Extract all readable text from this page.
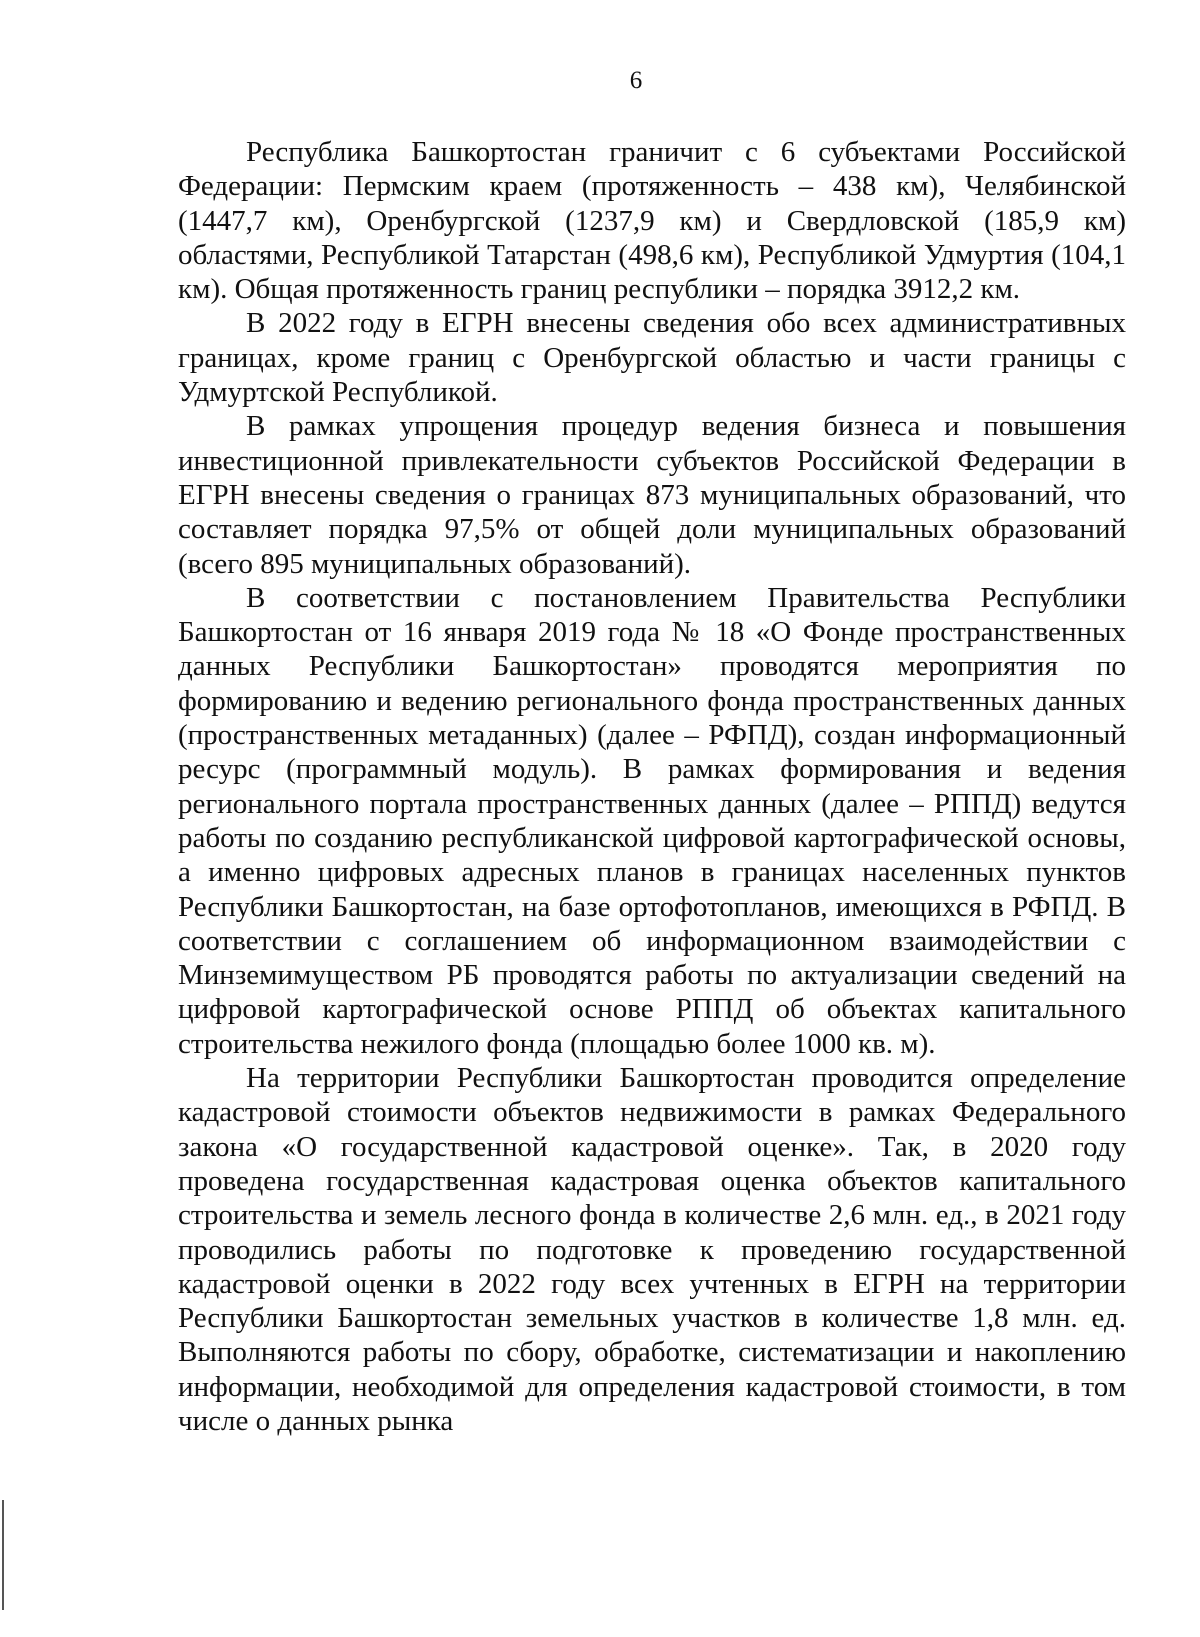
6

Республика Башкортостан граничит с 6 субъектами Российской Федерации: Пермским краем (протяженность – 438 км), Челябинской (1447,7 км), Оренбургской (1237,9 км) и Свердловской (185,9 км) областями, Республикой Татарстан (498,6 км), Республикой Удмуртия (104,1 км). Общая протяженность границ республики – порядка 3912,2 км.

В 2022 году в ЕГРН внесены сведения обо всех административных границах, кроме границ с Оренбургской областью и части границы с Удмуртской Республикой.

В рамках упрощения процедур ведения бизнеса и повышения инвестиционной привлекательности субъектов Российской Федерации в ЕГРН внесены сведения о границах 873 муниципальных образований, что составляет порядка 97,5% от общей доли муниципальных образований (всего 895 муниципальных образований).

В соответствии с постановлением Правительства Республики Башкортостан от 16 января 2019 года № 18 «О Фонде пространственных данных Республики Башкортостан» проводятся мероприятия по формированию и ведению регионального фонда пространственных данных (пространственных метаданных) (далее – РФПД), создан информационный ресурс (программный модуль). В рамках формирования и ведения регионального портала пространственных данных (далее – РППД) ведутся работы по созданию республиканской цифровой картографической основы, а именно цифровых адресных планов в границах населенных пунктов Республики Башкортостан, на базе ортофотопланов, имеющихся в РФПД. В соответствии с соглашением об информационном взаимодействии с Минземимуществом РБ проводятся работы по актуализации сведений на цифровой картографической основе РППД об объектах капитального строительства нежилого фонда (площадью более 1000 кв. м).

На территории Республики Башкортостан проводится определение кадастровой стоимости объектов недвижимости в рамках Федерального закона «О государственной кадастровой оценке». Так, в 2020 году проведена государственная кадастровая оценка объектов капитального строительства и земель лесного фонда в количестве 2,6 млн. ед., в 2021 году проводились работы по подготовке к проведению государственной кадастровой оценки в 2022 году всех учтенных в ЕГРН на территории Республики Башкортостан земельных участков в количестве 1,8 млн. ед. Выполняются работы по сбору, обработке, систематизации и накоплению информации, необходимой для определения кадастровой стоимости, в том числе о данных рынка
